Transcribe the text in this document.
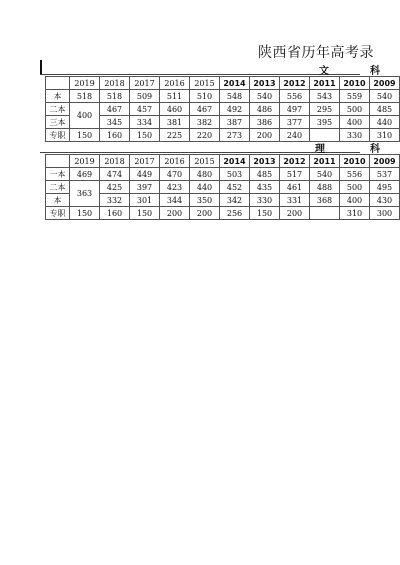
陕西省历年高考录
文	科
	2019	2018	2017	2016	2015	2014	2013	2012	2011	2010	2009
本	518	518	509	511	510	548	540	556	543	559	540
二本	400	467	457	460	467	492	486	497	295	500	485
三本		345	334	381	382	387	386	377	395	400	440
专职	150	160	150	225	220	273	200	240		330	310
理	科
	2019	2018	2017	2016	2015	2014	2013	2012	2011	2010	2009
一本	469	474	449	470	480	503	485	517	540	556	537
二本	363	425	397	423	440	452	435	461	488	500	495
本		332	301	344	350	342	330	331	368	400	430
专职	150	160	150	200	200	256	150	200		310	300
